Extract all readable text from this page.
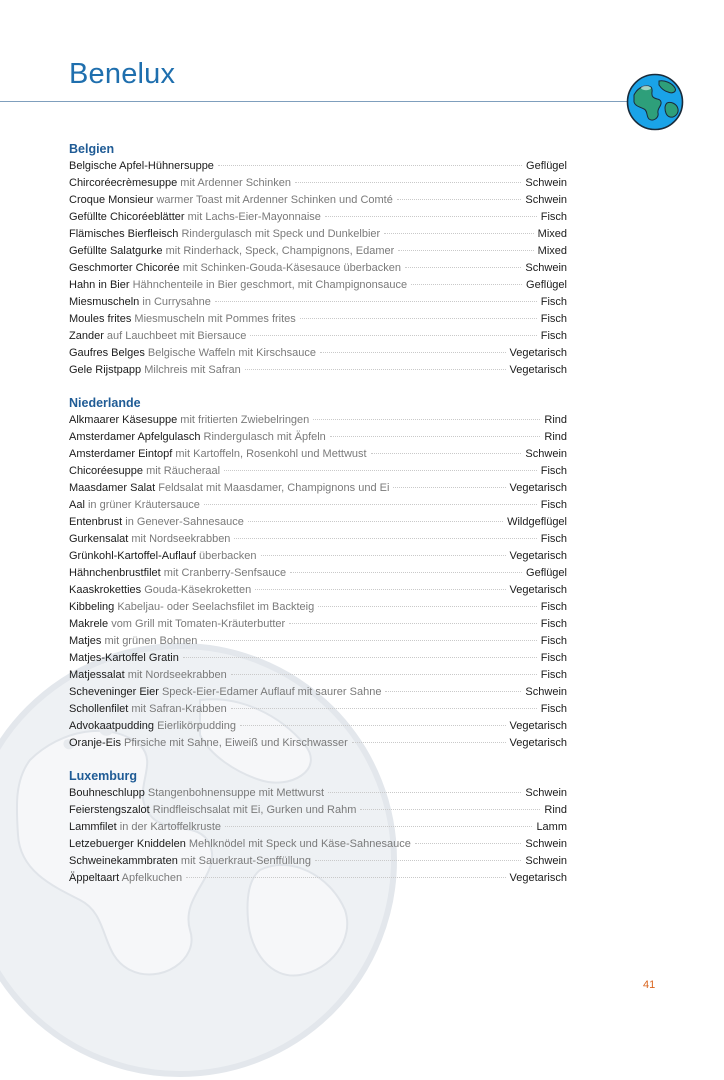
Benelux
Belgien
Belgische Apfel-Hühnersuppe	Geflügel
Chircoréecrèmesuppe mit Ardenner Schinken	Schwein
Croque Monsieur warmer Toast mit Ardenner Schinken und Comté	Schwein
Gefüllte Chicoréeblätter mit Lachs-Eier-Mayonnaise	Fisch
Flämisches Bierfleisch Rindergulasch mit Speck und Dunkelbier	Mixed
Gefüllte Salatgurke mit Rinderhack, Speck, Champignons, Edamer	Mixed
Geschmorter Chicorée mit Schinken-Gouda-Käsesauce überbacken	Schwein
Hahn in Bier Hähnchenteile in Bier geschmort, mit Champignonsauce	Geflügel
Miesmuscheln in Currysahne	Fisch
Moules frites Miesmuscheln mit Pommes frites	Fisch
Zander auf Lauchbeet mit Biersauce	Fisch
Gaufres Belges Belgische Waffeln mit Kirschsauce	Vegetarisch
Gele Rijstpapp Milchreis mit Safran	Vegetarisch
Niederlande
Alkmaarer Käsesuppe mit fritierten Zwiebelringen	Rind
Amsterdamer Apfelgulasch Rindergulasch mit Äpfeln	Rind
Amsterdamer Eintopf mit Kartoffeln, Rosenkohl und Mettwust	Schwein
Chicoréesuppe mit Räucheraal	Fisch
Maasdamer Salat Feldsalat mit Maasdamer, Champignons und Ei	Vegetarisch
Aal in grüner Kräutersauce	Fisch
Entenbrust in Genever-Sahnesauce	Wildgeflügel
Gurkensalat mit Nordseekrabben	Fisch
Grünkohl-Kartoffel-Auflauf überbacken	Vegetarisch
Hähnchenbrustfilet mit Cranberry-Senfsauce	Geflügel
Kaaskroketties Gouda-Käsekroketten	Vegetarisch
Kibbeling Kabeljau- oder Seelachsfilet im Backteig	Fisch
Makrele vom Grill mit Tomaten-Kräuterbutter	Fisch
Matjes mit grünen Bohnen	Fisch
Matjes-Kartoffel Gratin	Fisch
Matjessalat mit Nordseekrabben	Fisch
Scheveninger Eier Speck-Eier-Edamer Auflauf mit saurer Sahne	Schwein
Schollenfilet mit Safran-Krabben	Fisch
Advokaatpudding Eierlikörpudding	Vegetarisch
Oranje-Eis Pfirsiche mit Sahne, Eiweiß und Kirschwasser	Vegetarisch
Luxemburg
Bouhneschlupp Stangenbohnensuppe mit Mettwurst	Schwein
Feierstengszalot Rindfleischsalat mit Ei, Gurken und Rahm	Rind
Lammfilet in der Kartoffelkruste	Lamm
Letzebuerger Kniddelen Mehlknödel mit Speck und Käse-Sahnesauce	Schwein
Schweinekammbraten mit Sauerkraut-Senffüllung	Schwein
Äppeltaart Apfelkuchen	Vegetarisch
41
